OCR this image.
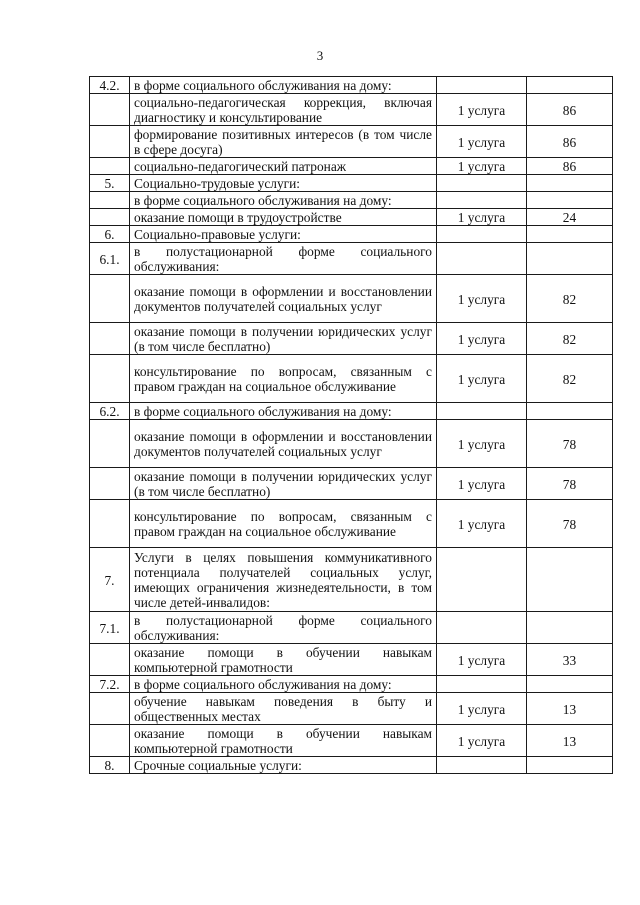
3
4.2.	в форме социального обслуживания на дому:		
	социально-педагогическая коррекция, включая диагностику и консультирование	1 услуга	86
	формирование позитивных интересов (в том числе в сфере досуга)	1 услуга	86
	социально-педагогический патронаж	1 услуга	86
5.	Социально-трудовые услуги:		
	в форме социального обслуживания на дому:		
	оказание помощи в трудоустройстве	1 услуга	24
6.	Социально-правовые услуги:		
6.1.	в полустационарной форме социального обслуживания:		
	оказание помощи в оформлении и восстановлении документов получателей социальных услуг	1 услуга	82
	оказание помощи в получении юридических услуг (в том числе бесплатно)	1 услуга	82
	консультирование по вопросам, связанным с правом граждан на социальное обслуживание	1 услуга	82
6.2.	в форме социального обслуживания на дому:		
	оказание помощи в оформлении и восстановлении документов получателей социальных услуг	1 услуга	78
	оказание помощи в получении юридических услуг (в том числе бесплатно)	1 услуга	78
	консультирование по вопросам, связанным с правом граждан на социальное обслуживание	1 услуга	78
7.	Услуги в целях повышения коммуникативного потенциала получателей социальных услуг, имеющих ограничения жизнедеятельности, в том числе детей-инвалидов:		
7.1.	в полустационарной форме социального обслуживания:		
	оказание помощи в обучении навыкам компьютерной грамотности	1 услуга	33
7.2.	в форме социального обслуживания на дому:		
	обучение навыкам поведения в быту и общественных местах	1 услуга	13
	оказание помощи в обучении навыкам компьютерной грамотности	1 услуга	13
8.	Срочные социальные услуги:		
